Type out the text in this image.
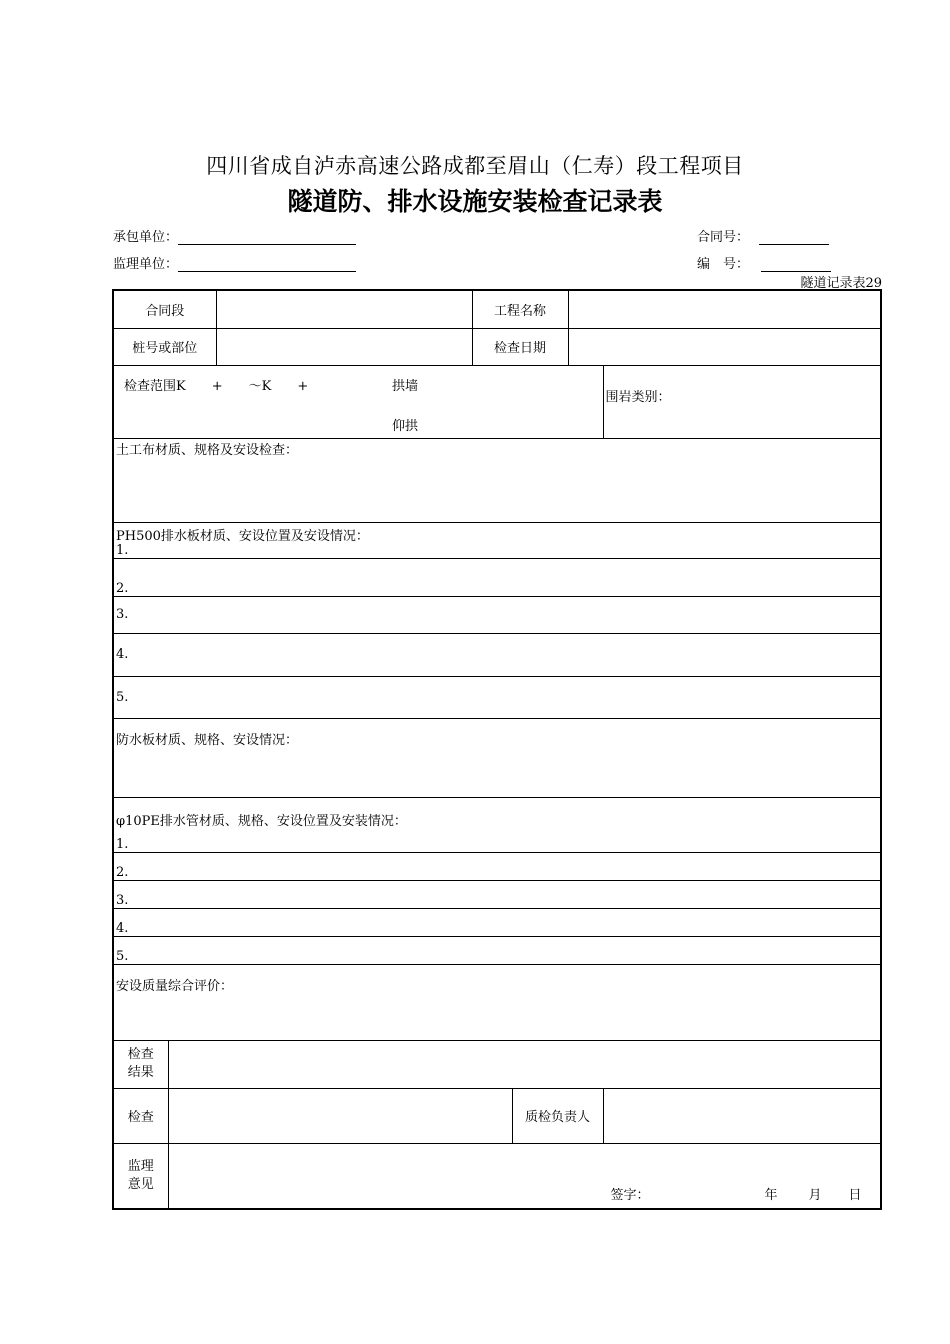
四川省成自泸赤高速公路成都至眉山（仁寿）段工程项目
隧道防、排水设施安装检查记录表
承包单位：
监理单位：
合同号：
编　号：
隧道记录表29
合同段		工程名称	
桩号或部位		检查日期	

检查范围K　　+　　～K　　+	拱墙
	仰拱
	围岩类别：
土工布材质、规格及安设检查：

PH500排水板材质、安设位置及安设情况：
1.

2.
3.
4.
5.
防水板材质、规格、安设情况：

φ10PE排水管材质、规格、安设位置及安装情况：
1.

2.
3.
4.
5.
安设质量综合评价：

检查
结果

检查		质检负责人	

监理
意见

签字：	年 月 日
